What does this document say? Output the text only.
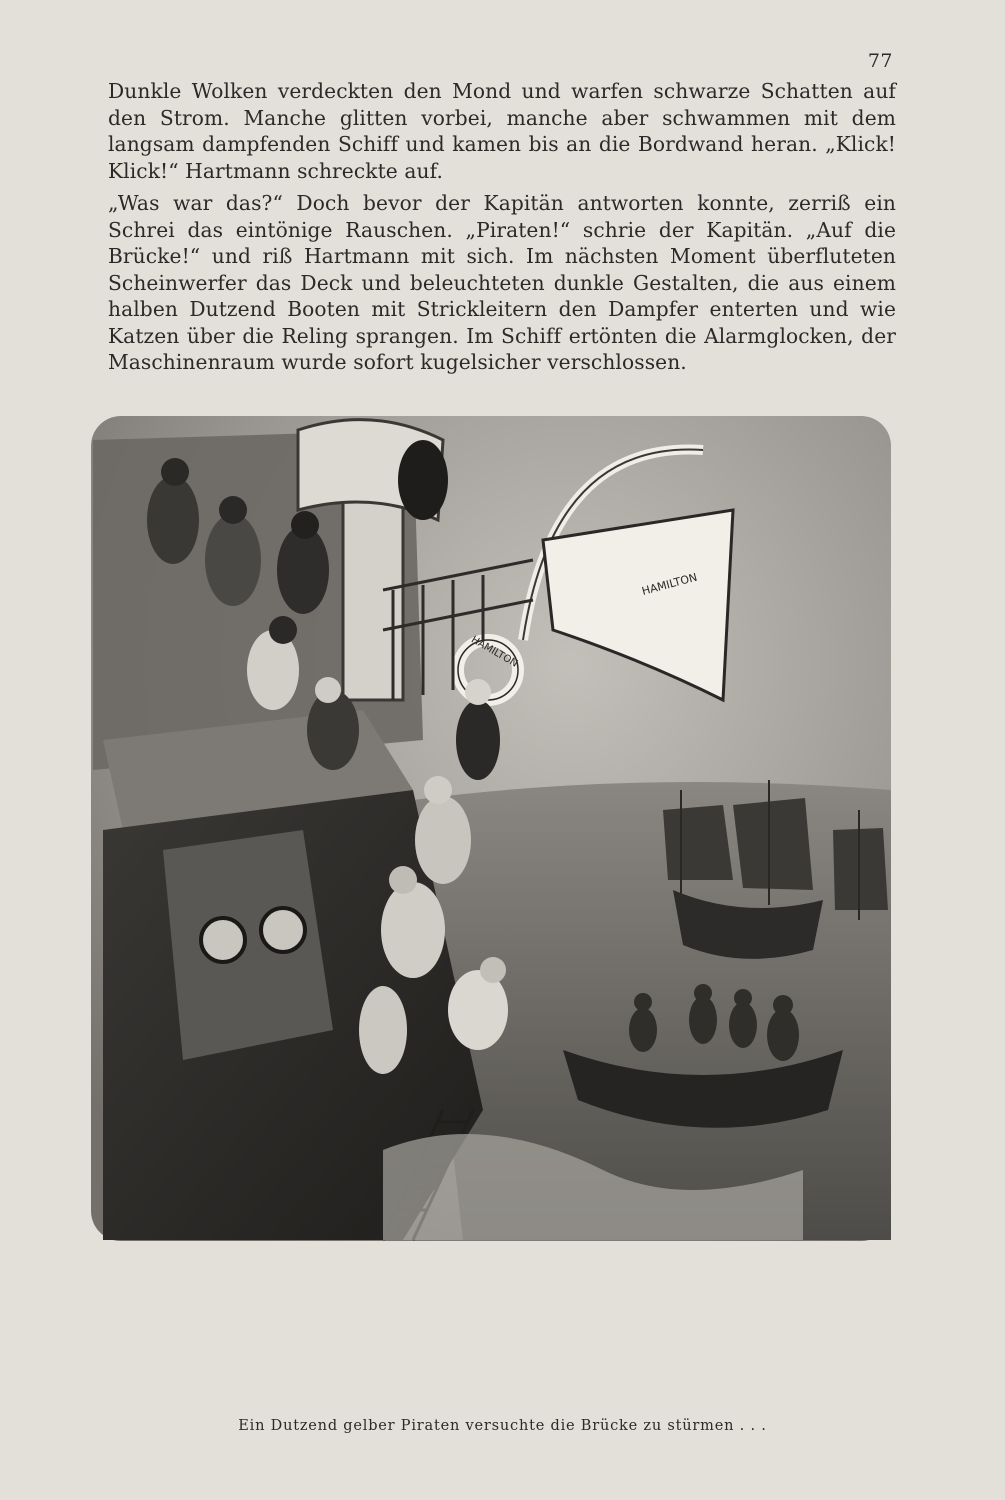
77

Dunkle Wolken verdeckten den Mond und warfen schwarze Schatten auf den Strom. Manche glitten vorbei, manche aber schwammen mit dem langsam dampfenden Schiff und kamen bis an die Bordwand heran. „Klick! Klick!“ Hartmann schreckte auf.

„Was war das?“ Doch bevor der Kapitän antworten konnte, zerriß ein Schrei das eintönige Rauschen. „Piraten!“ schrie der Kapitän. „Auf die Brücke!“ und riß Hartmann mit sich. Im nächsten Moment überfluteten Scheinwerfer das Deck und beleuchteten dunkle Gestalten, die aus einem halben Dutzend Booten mit Strickleitern den Dampfer enterten und wie Katzen über die Reling sprangen. Im Schiff ertönten die Alarmglocken, der Maschinenraum wurde sofort kugelsicher verschlossen.

HAMILTON
HAMILTON
Ein Dutzend gelber Piraten versuchte die Brücke zu stürmen . . .
